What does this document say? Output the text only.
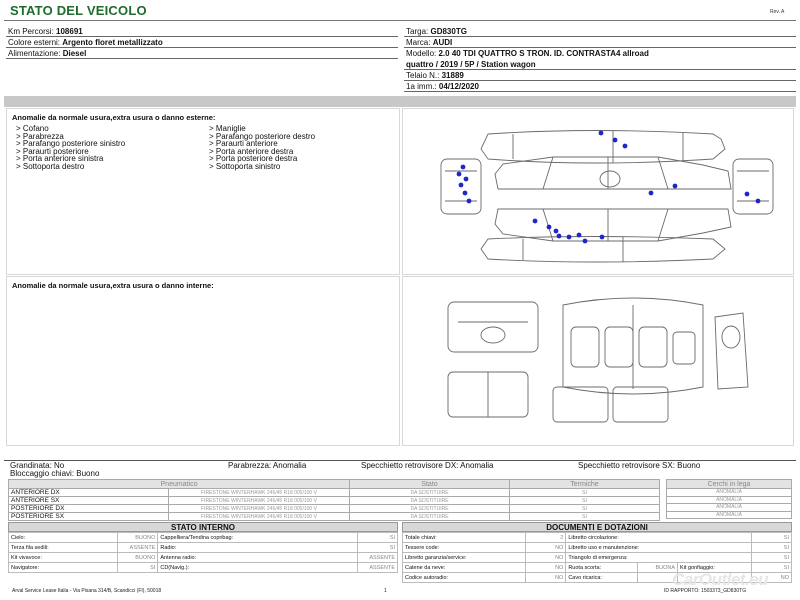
STATO DEL VEICOLO	Rev. A
Km Percorsi: 108691
Colore esterni: Argento floret metallizzato
Alimentazione: Diesel
Targa: GD830TG
Marca: AUDI
Modello: 2.0 40 TDI QUATTRO S TRON. ID. CONTRASTA4 allroad
quattro / 2019 / 5P / Station wagon
Telaio N.: 31889
1a imm.: 04/12/2020
Anomalie da normale usura,extra usura o danno esterne:
> Cofano
> Parabrezza
> Parafango posteriore sinistro
> Paraurti posteriore
> Porta anteriore sinistra
> Sottoporta destro
> Maniglie
> Parafango posteriore destro
> Paraurti anteriore
> Porta anteriore destra
> Porta posteriore destra
> Sottoporta sinistro
Anomalie da normale usura,extra usura o danno interne:
Grandinata: No	Parabrezza: Anomalia	Specchietto retrovisore DX: Anomalia	Specchietto retrovisore SX: Buono
Bloccaggio chiavi: Buono
Pneumatico		Stato	Termiche
ANTERIORE DX	FIRESTONE WINTERHAWK 245/45 R18 000/100 V	DA SOSTITUIRE	SI
ANTERIORE SX	FIRESTONE WINTERHAWK 245/45 R18 000/100 V	DA SOSTITUIRE	SI
POSTERIORE DX	FIRESTONE WINTERHAWK 245/45 R18 000/100 V	DA SOSTITUIRE	SI
POSTERIORE SX	FIRESTONE WINTERHAWK 245/45 R18 000/100 V	DA SOSTITUIRE	SI
Cerchi in lega
ANOMALIA
ANOMALIA
ANOMALIA
ANOMALIA
STATO INTERNO
Cielo:	BUONO	Cappelliera/Tendina copribag:	SI
Terza fila sedili:	ASSENTE	Radio:	SI
Kit vivavoce:	BUONO	Antenna radio:	ASSENTE
Navigatore:	SI	CD(Navig.):	ASSENTE
DOCUMENTI E DOTAZIONI
Totale chiavi:	2	Libretto circolazione:			SI
Tessere code:	NO	Libretto uso e manutenzione:			SI
Libretto garanzia/service:	NO	Triangolo di emergenza:			SI
Catene da neve:	NO	Ruota scorta:	BUONA	Kit gonfiaggio:	SI
Codice autoradio:	NO	Cavo ricarica:			NO
Arval Service Lease Italia - Via Pisana 314/B, Scandicci (FI), 50018	1	ID RAPPORTO: 1503373_GD830TG
CarOutlet.eu
